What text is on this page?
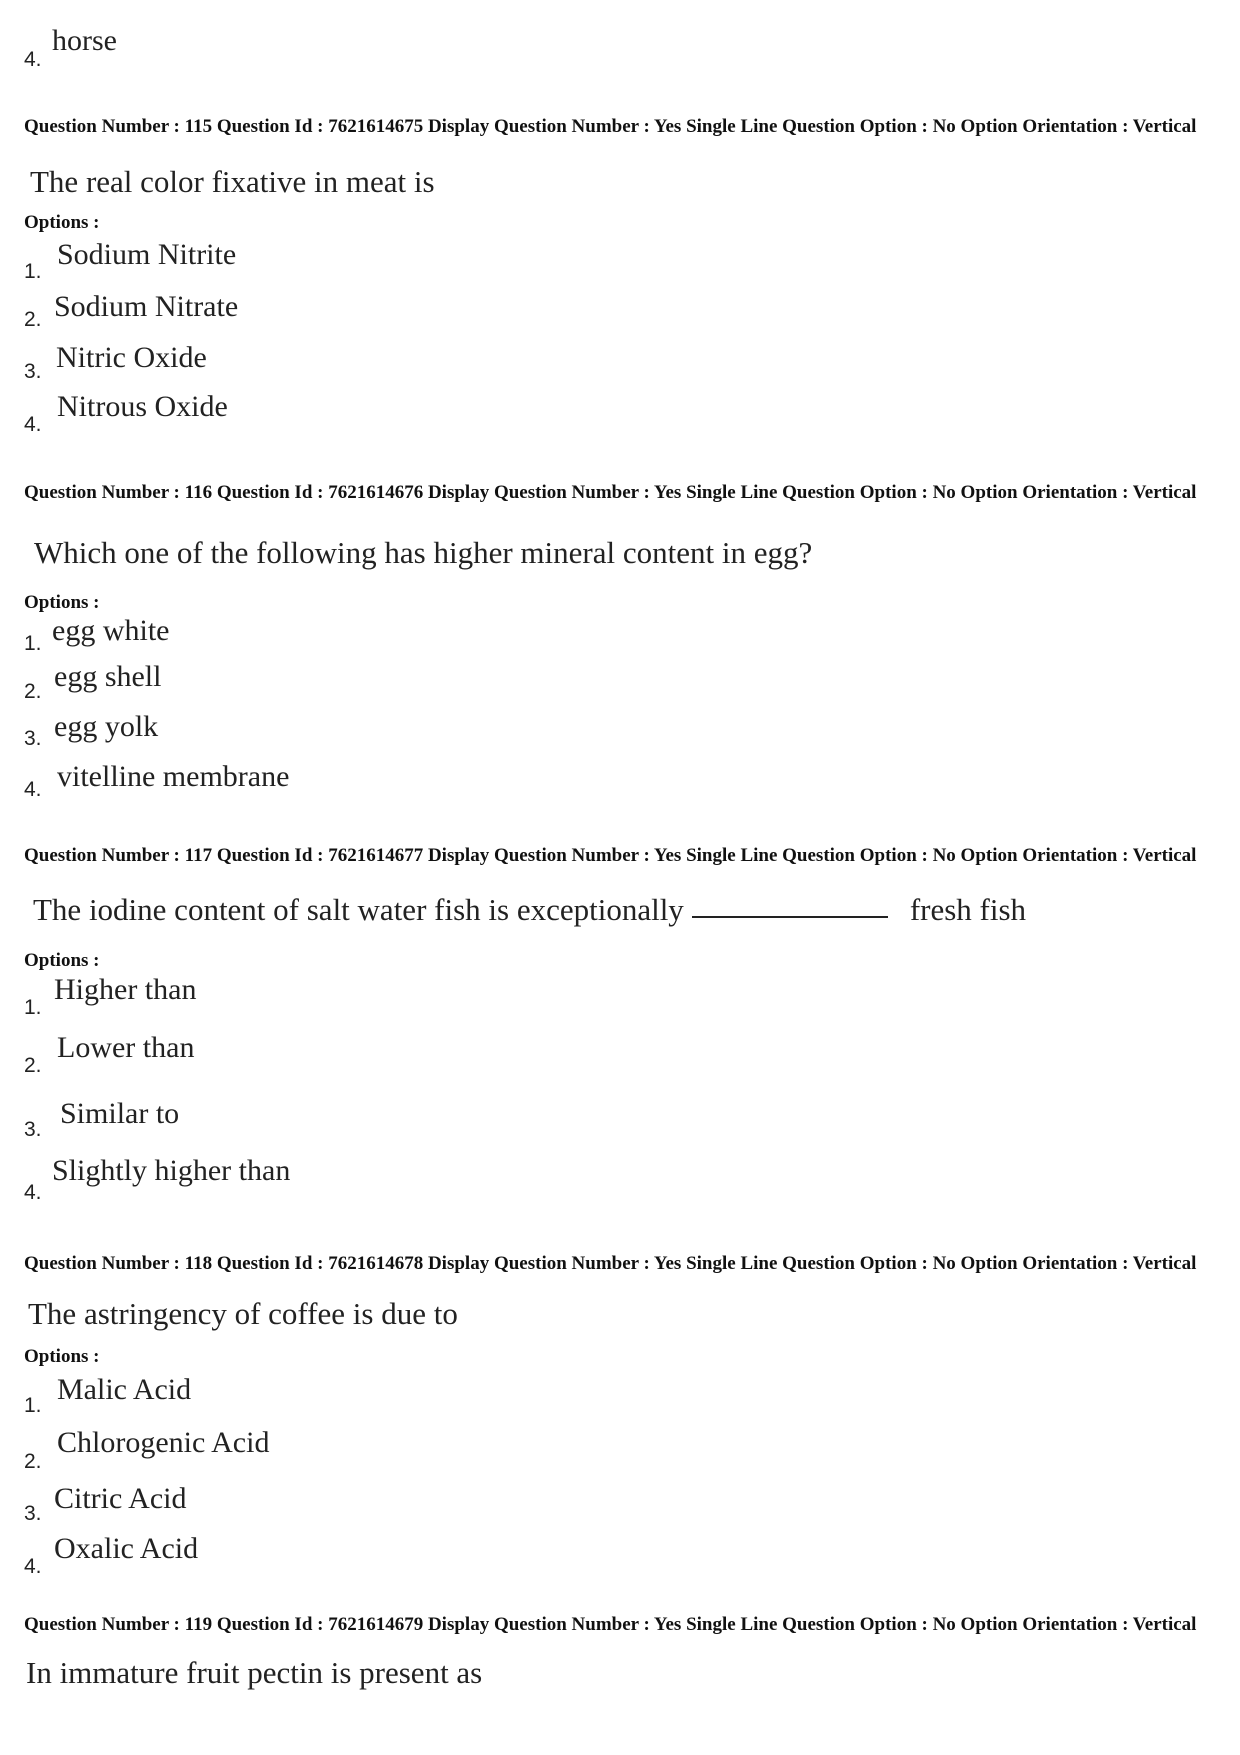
4.
horse
Question Number : 115 Question Id : 7621614675 Display Question Number : Yes Single Line Question Option : No Option Orientation : Vertical
The real color fixative in meat is
Options :
1.
Sodium Nitrite
2. Sodium Nitrate
3. Nitric Oxide
4.
Nitrous Oxide
Question Number : 116 Question Id : 7621614676 Display Question Number : Yes Single Line Question Option : No Option Orientation : Vertical
Which one of the following has higher mineral content in egg?
Options :
1. egg white
2. egg shell
3. egg yolk
4. vitelline membrane
Question Number : 117 Question Id : 7621614677 Display Question Number : Yes Single Line Question Option : No Option Orientation : Vertical
The iodine content of salt water fish is exceptionally	fresh fish
Options :
1.
Higher than
2.
Lower than
3. Similar to
4.
Slightly higher than
Question Number : 118 Question Id : 7621614678 Display Question Number : Yes Single Line Question Option : No Option Orientation : Vertical
The astringency of coffee is due to
Options :
1. Malic Acid
2.
Chlorogenic Acid
3. Citric Acid
4.
Oxalic Acid
Question Number : 119 Question Id : 7621614679 Display Question Number : Yes Single Line Question Option : No Option Orientation : Vertical
In immature fruit pectin is present as
